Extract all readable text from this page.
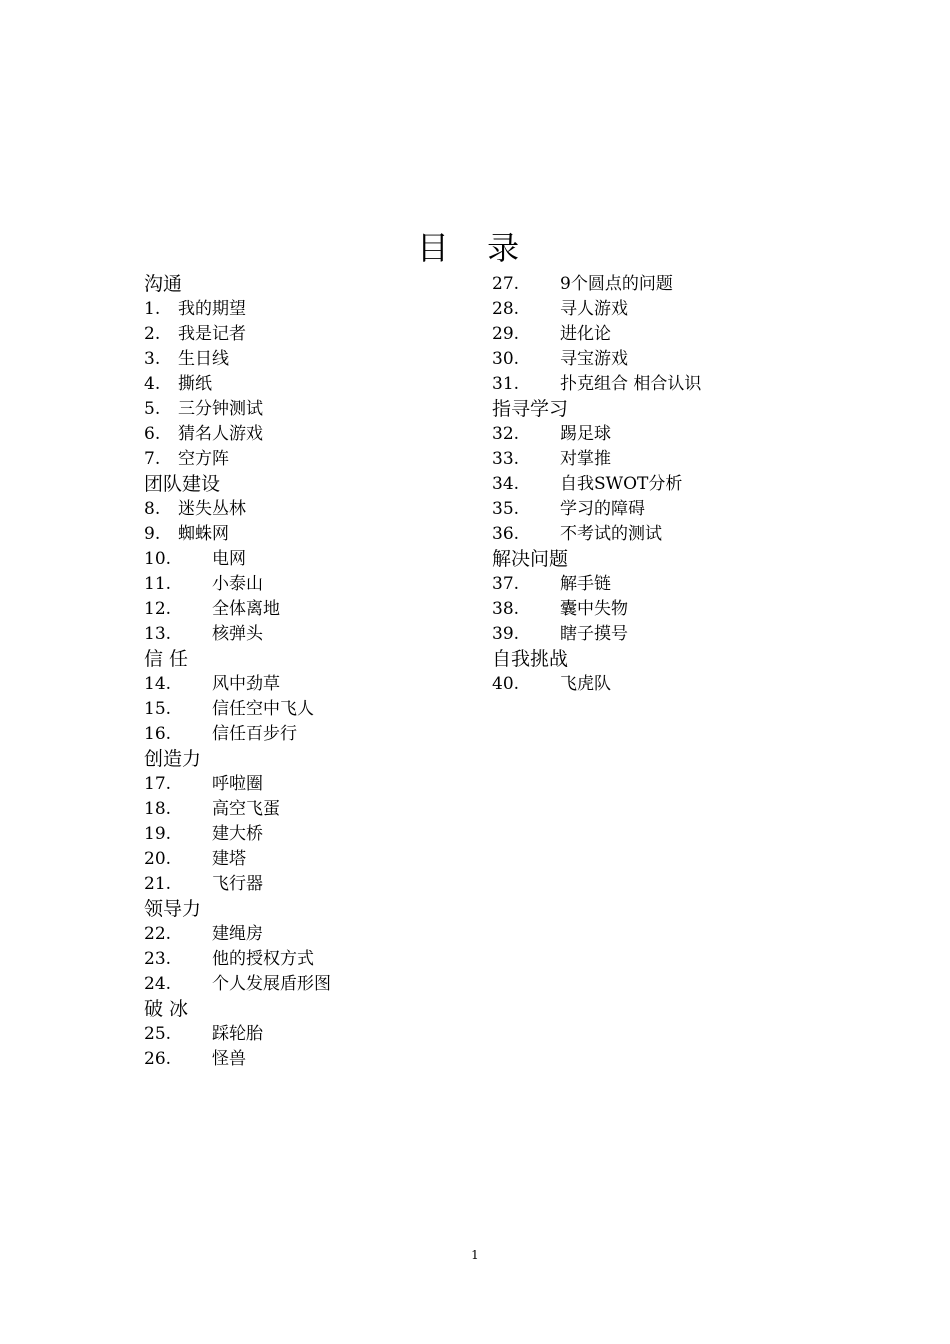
目 录
沟通
1. 我的期望
2. 我是记者
3. 生日线
4. 撕纸
5. 三分钟测试
6. 猜名人游戏
7. 空方阵
团队建设
8. 迷失丛林
9. 蜘蛛网
10. 电网
11. 小泰山
12. 全体离地
13. 核弹头
信 任
14. 风中劲草
15. 信任空中飞人
16. 信任百步行
创造力
17. 呼啦圈
18. 高空飞蛋
19. 建大桥
20. 建塔
21. 飞行器
领导力
22. 建绳房
23. 他的授权方式
24. 个人发展盾形图
破 冰
25. 踩轮胎
26. 怪兽
27. 9个圆点的问题
28. 寻人游戏
29. 进化论
30. 寻宝游戏
31. 扑克组合 相合认识
指寻学习
32. 踢足球
33. 对掌推
34. 自我SWOT分析
35. 学习的障碍
36. 不考试的测试
解决问题
37. 解手链
38. 囊中失物
39. 瞎子摸号
自我挑战
40. 飞虎队
1
